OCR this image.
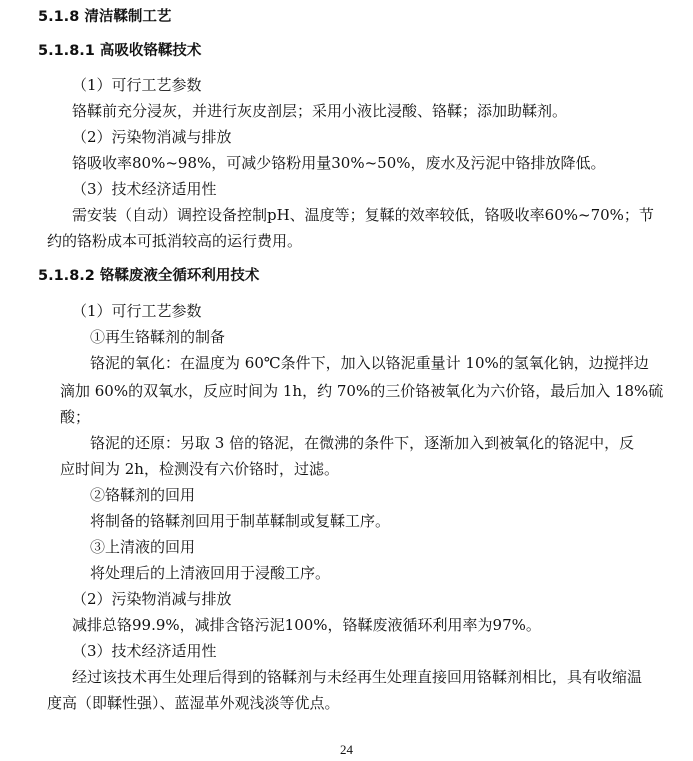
5.1.8 清洁鞣制工艺
5.1.8.1 高吸收铬鞣技术
（1）可行工艺参数
铬鞣前充分浸灰，并进行灰皮剖层；采用小液比浸酸、铬鞣；添加助鞣剂。
（2）污染物消减与排放
铬吸收率80%~98%，可减少铬粉用量30%~50%，废水及污泥中铬排放降低。
（3）技术经济适用性
需安装（自动）调控设备控制pH、温度等；复鞣的效率较低，铬吸收率60%~70%；节
约的铬粉成本可抵消较高的运行费用。
5.1.8.2 铬鞣废液全循环利用技术
（1）可行工艺参数
①再生铬鞣剂的制备
铬泥的氧化：在温度为 60℃条件下，加入以铬泥重量计 10%的氢氧化钠，边搅拌边
滴加 60%的双氧水，反应时间为 1h，约 70%的三价铬被氧化为六价铬，最后加入 18%硫
酸；
铬泥的还原：另取 3 倍的铬泥，在微沸的条件下，逐渐加入到被氧化的铬泥中，反
应时间为 2h，检测没有六价铬时，过滤。
②铬鞣剂的回用
将制备的铬鞣剂回用于制革鞣制或复鞣工序。
③上清液的回用
将处理后的上清液回用于浸酸工序。
（2）污染物消减与排放
减排总铬99.9%，减排含铬污泥100%，铬鞣废液循环利用率为97%。
（3）技术经济适用性
经过该技术再生处理后得到的铬鞣剂与未经再生处理直接回用铬鞣剂相比，具有收缩温
度高（即鞣性强）、蓝湿革外观浅淡等优点。
24
